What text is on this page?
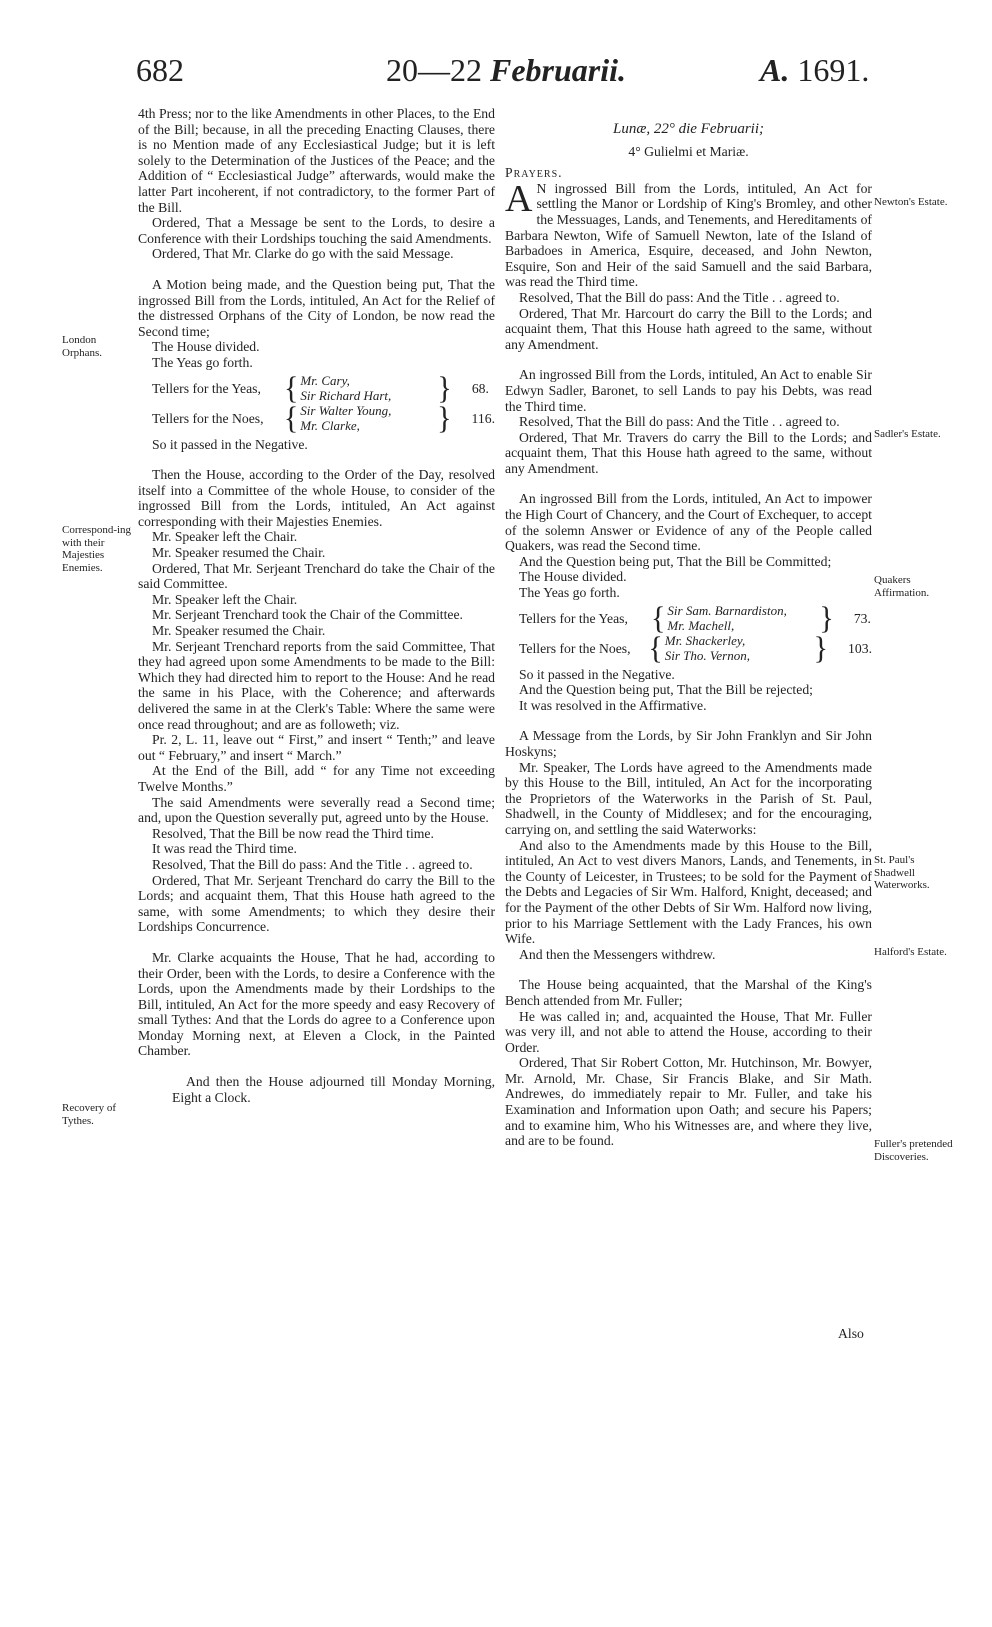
682	20—22 Februarii.	A. 1691.
London Orphans.
Correspond-ing with their Majesties Enemies.
Recovery of Tythes.
Newton's Estate.
Sadler's Estate.
Quakers Affirmation.
St. Paul's Shadwell Waterworks.
Halford's Estate.
Fuller's pretended Discoveries.

4th Press; nor to the like Amendments in other Places, to the End of the Bill; because, in all the preceding Enacting Clauses, there is no Mention made of any Ecclesiastical Judge; but it is left solely to the Determination of the Justices of the Peace; and the Addition of “ Ecclesiastical Judge” afterwards, would make the latter Part incoherent, if not contradictory, to the former Part of the Bill.

Ordered, That a Message be sent to the Lords, to desire a Conference with their Lordships touching the said Amendments.

Ordered, That Mr. Clarke do go with the said Message.

A Motion being made, and the Question being put, That the ingrossed Bill from the Lords, intituled, An Act for the Relief of the distressed Orphans of the City of London, be now read the Second time;

The House divided.

The Yeas go forth.

Tellers for the Yeas, { Mr. Cary,
Sir Richard Hart,	} 68.
Tellers for the Noes, { Sir Walter Young,
Mr. Clarke,	} 116.

So it passed in the Negative.

Then the House, according to the Order of the Day, resolved itself into a Committee of the whole House, to consider of the ingrossed Bill from the Lords, intituled, An Act against corresponding with their Majesties Enemies.

Mr. Speaker left the Chair.

Mr. Speaker resumed the Chair.

Ordered, That Mr. Serjeant Trenchard do take the Chair of the said Committee.

Mr. Speaker left the Chair.

Mr. Serjeant Trenchard took the Chair of the Committee.

Mr. Speaker resumed the Chair.

Mr. Serjeant Trenchard reports from the said Committee, That they had agreed upon some Amendments to be made to the Bill: Which they had directed him to report to the House: And he read the same in his Place, with the Coherence; and afterwards delivered the same in at the Clerk's Table: Where the same were once read throughout; and are as followeth; viz.

Pr. 2, L. 11, leave out “ First,” and insert “ Tenth;” and leave out “ February,” and insert “ March.”

At the End of the Bill, add “ for any Time not exceeding Twelve Months.”

The said Amendments were severally read a Second time; and, upon the Question severally put, agreed unto by the House.

Resolved, That the Bill be now read the Third time.

It was read the Third time.

Resolved, That the Bill do pass: And the Title . . agreed to.

Ordered, That Mr. Serjeant Trenchard do carry the Bill to the Lords; and acquaint them, That this House hath agreed to the same, with some Amendments; to which they desire their Lordships Concurrence.

Mr. Clarke acquaints the House, That he had, according to their Order, been with the Lords, to desire a Conference with the Lords, upon the Amendments made by their Lordships to the Bill, intituled, An Act for the more speedy and easy Recovery of small Tythes: And that the Lords do agree to a Conference upon Monday Morning next, at Eleven a Clock, in the Painted Chamber.

And then the House adjourned till Monday Morning, Eight a Clock.

Lunæ, 22° die Februarii;

4° Gulielmi et Mariæ.

Prayers.

A N ingrossed Bill from the Lords, intituled, An Act for settling the Manor or Lordship of King's Bromley, and other the Messuages, Lands, and Tenements, and Hereditaments of Barbara Newton, Wife of Samuell Newton, late of the Island of Barbadoes in America, Esquire, deceased, and John Newton, Esquire, Son and Heir of the said Samuell and the said Barbara, was read the Third time.

Resolved, That the Bill do pass: And the Title . . agreed to.

Ordered, That Mr. Harcourt do carry the Bill to the Lords; and acquaint them, That this House hath agreed to the same, without any Amendment.

An ingrossed Bill from the Lords, intituled, An Act to enable Sir Edwyn Sadler, Baronet, to sell Lands to pay his Debts, was read the Third time.

Resolved, That the Bill do pass: And the Title . . agreed to.

Ordered, That Mr. Travers do carry the Bill to the Lords; and acquaint them, That this House hath agreed to the same, without any Amendment.

An ingrossed Bill from the Lords, intituled, An Act to impower the High Court of Chancery, and the Court of Exchequer, to accept of the solemn Answer or Evidence of any of the People called Quakers, was read the Second time.

And the Question being put, That the Bill be Committed;

The House divided.

The Yeas go forth.

Tellers for the Yeas, { Sir Sam. Barnardiston,
Mr. Machell,	} 73.
Tellers for the Noes, { Mr. Shackerley,
Sir Tho. Vernon,	} 103.

So it passed in the Negative.

And the Question being put, That the Bill be rejected;

It was resolved in the Affirmative.

A Message from the Lords, by Sir John Franklyn and Sir John Hoskyns;

Mr. Speaker, The Lords have agreed to the Amendments made by this House to the Bill, intituled, An Act for the incorporating the Proprietors of the Waterworks in the Parish of St. Paul, Shadwell, in the County of Middlesex; and for the encouraging, carrying on, and settling the said Waterworks:

And also to the Amendments made by this House to the Bill, intituled, An Act to vest divers Manors, Lands, and Tenements, in the County of Leicester, in Trustees; to be sold for the Payment of the Debts and Legacies of Sir Wm. Halford, Knight, deceased; and for the Payment of the other Debts of Sir Wm. Halford now living, prior to his Marriage Settlement with the Lady Frances, his own Wife.

And then the Messengers withdrew.

The House being acquainted, that the Marshal of the King's Bench attended from Mr. Fuller;

He was called in; and, acquainted the House, That Mr. Fuller was very ill, and not able to attend the House, according to their Order.

Ordered, That Sir Robert Cotton, Mr. Hutchinson, Mr. Bowyer, Mr. Arnold, Mr. Chase, Sir Francis Blake, and Sir Math. Andrewes, do immediately repair to Mr. Fuller, and take his Examination and Information upon Oath; and secure his Papers; and to examine him, Who his Witnesses are, and where they live, and are to be found.

Also
